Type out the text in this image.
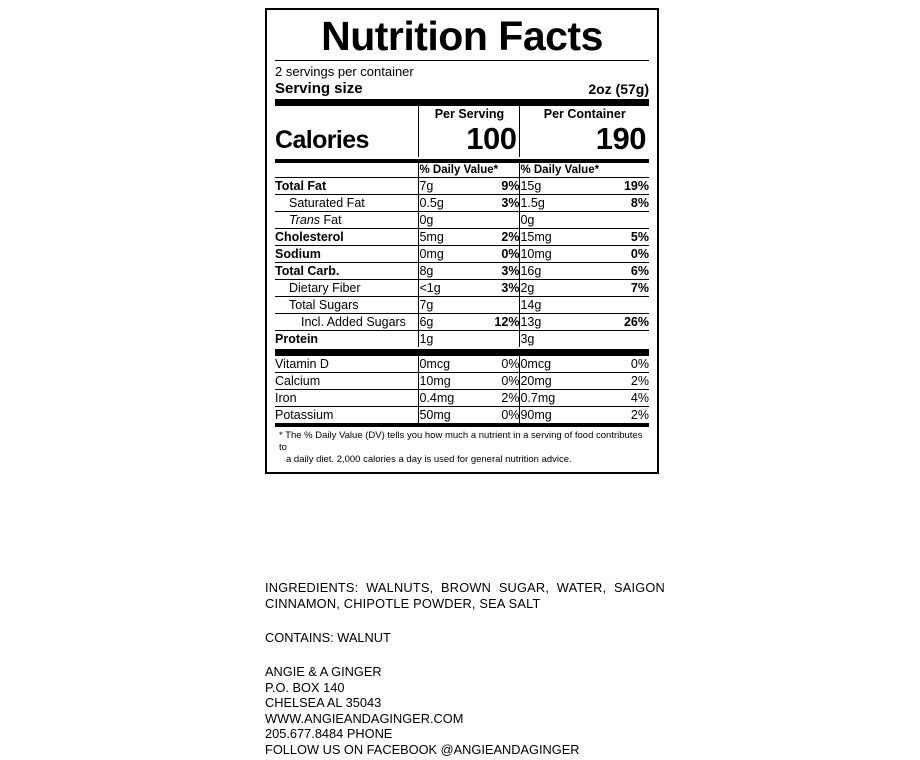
Nutrition Facts
2 servings per container
Serving size	2oz (57g)
	Per Serving		Per Container	
Calories	100		190	

	% Daily Value*		% Daily Value*	
Total Fat	7g	9%	15g	19%
Saturated Fat	0.5g	3%	1.5g	8%
Trans Fat	0g		0g	
Cholesterol	5mg	2%	15mg	5%
Sodium	0mg	0%	10mg	0%
Total Carb.	8g	3%	16g	6%
Dietary Fiber	<1g	3%	2g	7%
Total Sugars	7g		14g	
Incl. Added Sugars	6g	12%	13g	26%
Protein	1g		3g	

Vitamin D	0mcg	0%	0mcg	0%
Calcium	10mg	0%	20mg	2%
Iron	0.4mg	2%	0.7mg	4%
Potassium	50mg	0%	90mg	2%
* The % Daily Value (DV) tells you how much a nutrient in a serving of food contributes to
a daily diet. 2,000 calories a day is used for general nutrition advice.
INGREDIENTS: WALNUTS, BROWN SUGAR, WATER, SAIGON CINNAMON, CHIPOTLE POWDER, SEA SALT
CONTAINS: WALNUT
ANGIE & A GINGER
P.O. BOX 140
CHELSEA AL 35043
WWW.ANGIEANDAGINGER.COM
205.677.8484 PHONE
FOLLOW US ON FACEBOOK @ANGIEANDAGINGER
